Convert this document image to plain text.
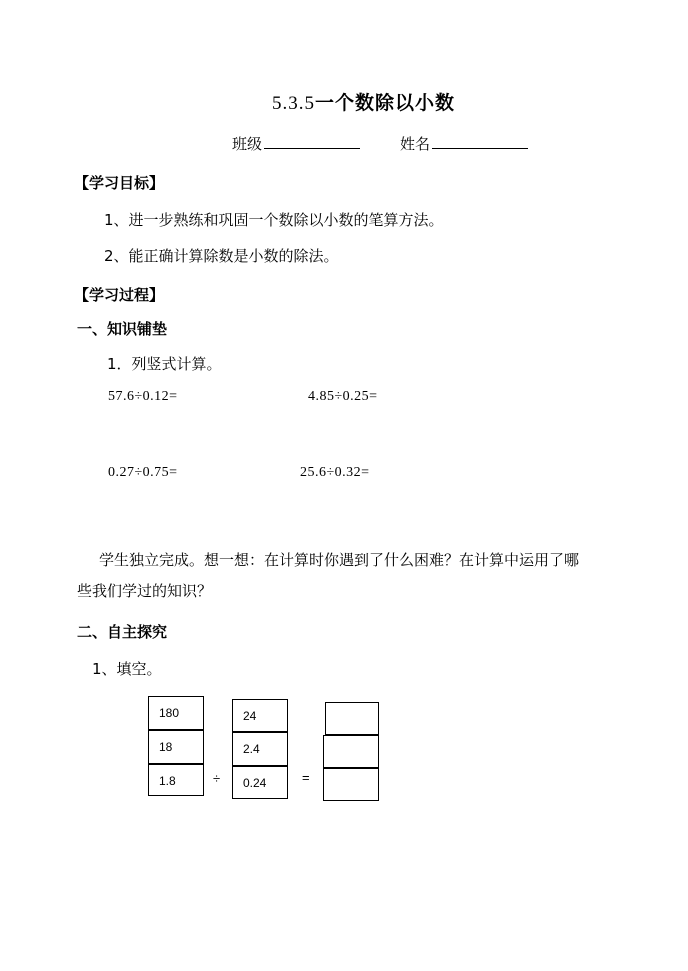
5.3.5一个数除以小数
班级	姓名
【学习目标】
1、进一步熟练和巩固一个数除以小数的笔算方法。
2、能正确计算除数是小数的除法。
【学习过程】
一、知识铺垫
1．列竖式计算。
57.6÷0.12=	4.85÷0.25=
0.27÷0.75=	25.6÷0.32=
学生独立完成。想一想：在计算时你遇到了什么困难？在计算中运用了哪
些我们学过的知识？
二、自主探究
1、填空。
180
18
1.8	÷
24
2.4
0.24	=
